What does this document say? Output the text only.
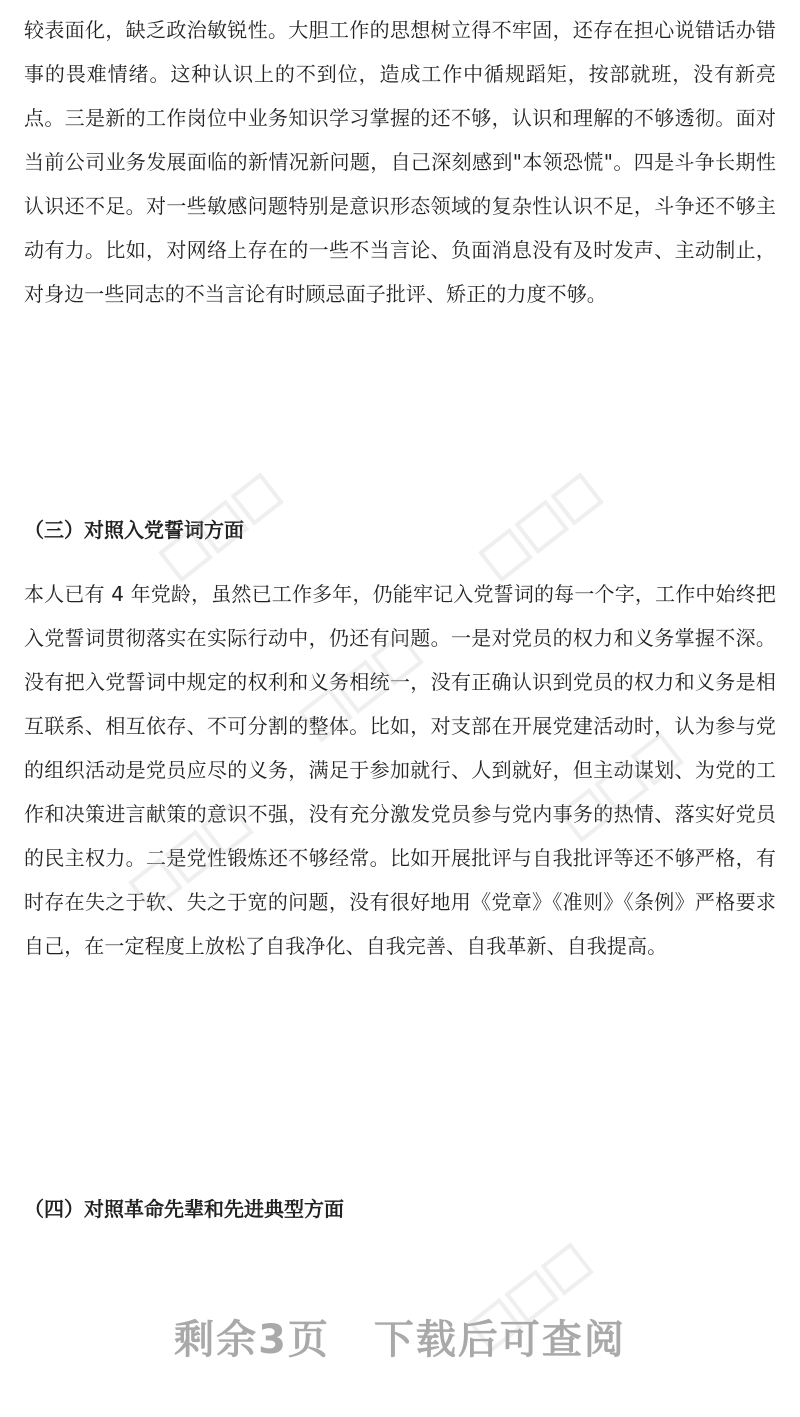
较表面化，缺乏政治敏锐性。大胆工作的思想树立得不牢固，还存在担心说错话办错事的畏难情绪。这种认识上的不到位，造成工作中循规蹈矩，按部就班，没有新亮点。三是新的工作岗位中业务知识学习掌握的还不够，认识和理解的不够透彻。面对当前公司业务发展面临的新情况新问题，自己深刻感到"本领恐慌"。四是斗争长期性认识还不足。对一些敏感问题特别是意识形态领域的复杂性认识不足，斗争还不够主动有力。比如，对网络上存在的一些不当言论、负面消息没有及时发声、主动制止，对身边一些同志的不当言论有时顾忌面子批评、矫正的力度不够。
（三）对照入党誓词方面
本人已有 4 年党龄，虽然已工作多年，仍能牢记入党誓词的每一个字，工作中始终把入党誓词贯彻落实在实际行动中，仍还有问题。一是对党员的权力和义务掌握不深。没有把入党誓词中规定的权利和义务相统一，没有正确认识到党员的权力和义务是相互联系、相互依存、不可分割的整体。比如，对支部在开展党建活动时，认为参与党的组织活动是党员应尽的义务，满足于参加就行、人到就好，但主动谋划、为党的工作和决策进言献策的意识不强，没有充分激发党员参与党内事务的热情、落实好党员的民主权力。二是党性锻炼还不够经常。比如开展批评与自我批评等还不够严格，有时存在失之于软、失之于宽的问题，没有很好地用《党章》《准则》《条例》严格要求自己，在一定程度上放松了自我净化、自我完善、自我革新、自我提高。
（四）对照革命先辈和先进典型方面
剩余3页 下载后可查阅
